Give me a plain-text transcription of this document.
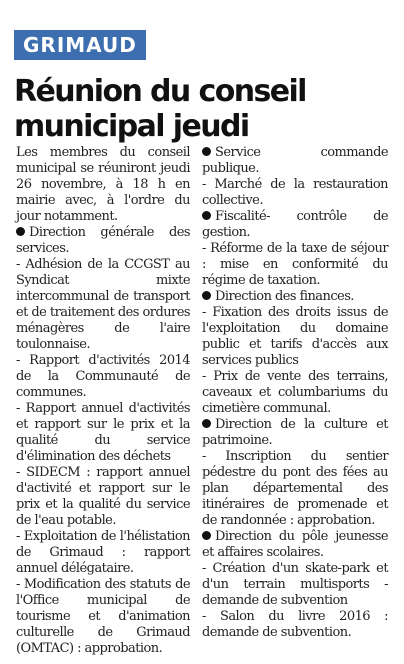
GRIMAUD
Réunion du conseil municipal jeudi

Les membres du conseil municipal se réuniront jeudi 26 novembre, à 18 h en mairie avec, à l'ordre du jour notamment.

Direction générale des services.

- Adhésion de la CCGST au Syndicat mixte intercommunal de transport et de traitement des ordures ménagères de l'aire toulonnaise.

- Rapport d'activités 2014 de la Communauté de communes.

- Rapport annuel d'activités et rapport sur le prix et la qualité du service d'élimination des déchets

- SIDECM : rapport annuel d'activité et rapport sur le prix et la qualité du service de l'eau potable.

- Exploitation de l'hélistation de Grimaud : rapport annuel délégataire.

- Modification des statuts de l'Office municipal de tourisme et d'animation culturelle de Grimaud (OMTAC) : approbation.

Service commande publique.

- Marché de la restauration collective.

Fiscalité- contrôle de gestion.

- Réforme de la taxe de séjour : mise en conformité du régime de taxation.

Direction des finances.

- Fixation des droits issus de l'exploitation du domaine public et tarifs d'accès aux services publics

- Prix de vente des terrains, caveaux et columbariums du cimetière communal.

Direction de la culture et patrimoine.

- Inscription du sentier pédestre du pont des fées au plan départemental des itinéraires de promenade et de randonnée : approbation.

Direction du pôle jeunesse et affaires scolaires.

- Création d'un skate-park et d'un terrain multisports - demande de subvention

- Salon du livre 2016 : demande de subvention.
